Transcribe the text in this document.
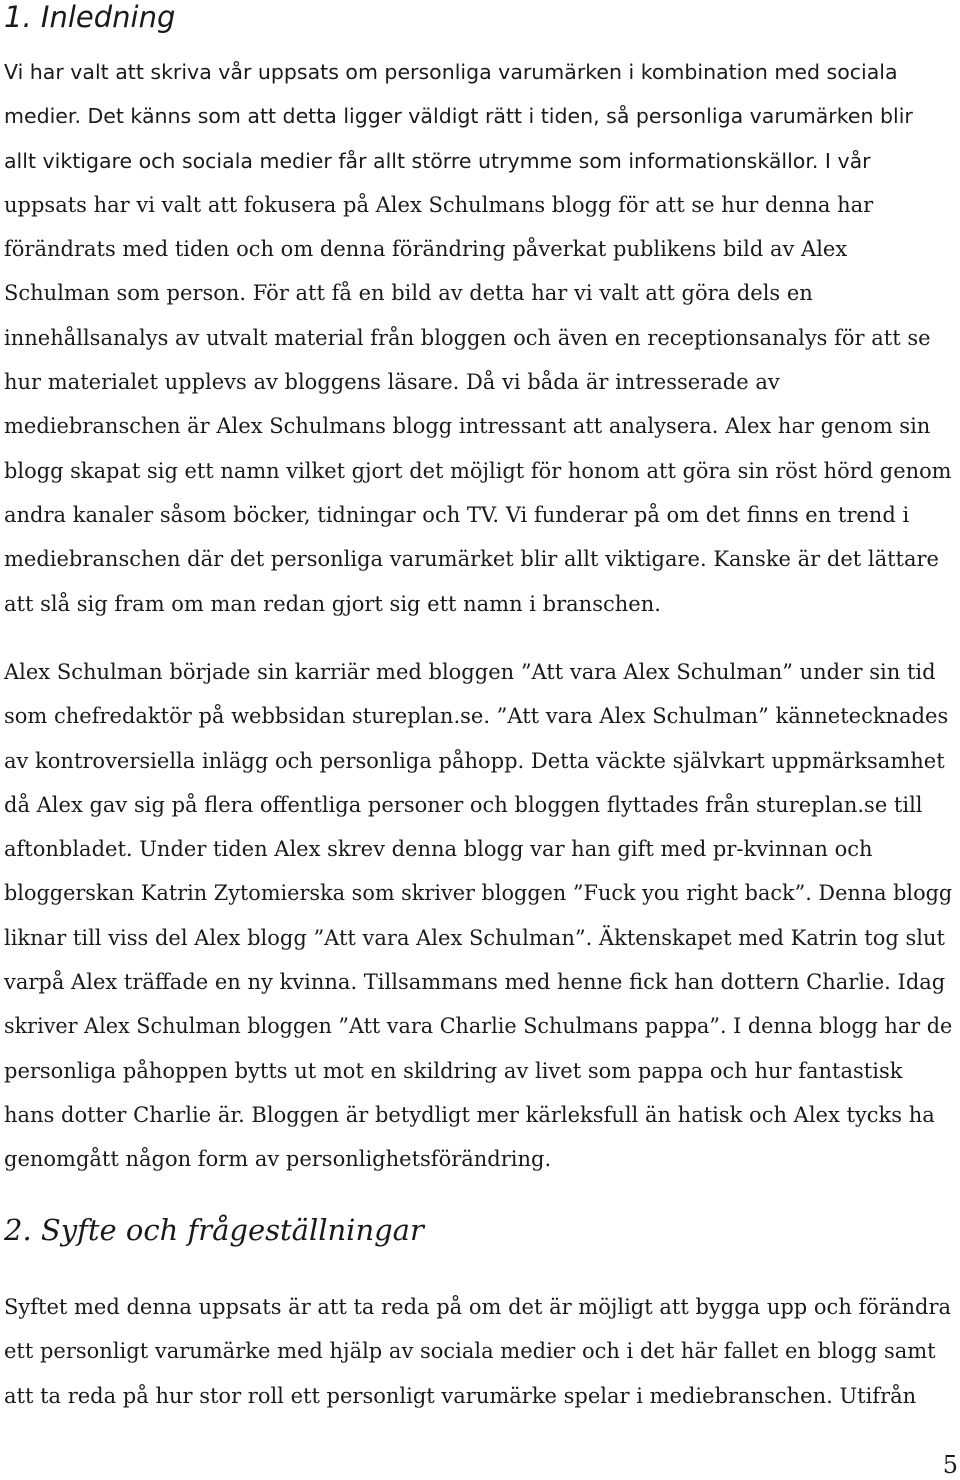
1. Inledning

Vi har valt att skriva vår uppsats om personliga varumärken i kombination med sociala
medier. Det känns som att detta ligger väldigt rätt i tiden, så personliga varumärken blir
allt viktigare och sociala medier får allt större utrymme som informationskällor. I vår
uppsats har vi valt att fokusera på Alex Schulmans blogg för att se hur denna har
förändrats med tiden och om denna förändring påverkat publikens bild av Alex
Schulman som person. För att få en bild av detta har vi valt att göra dels en
innehållsanalys av utvalt material från bloggen och även en receptionsanalys för att se
hur materialet upplevs av bloggens läsare. Då vi båda är intresserade av
mediebranschen är Alex Schulmans blogg intressant att analysera. Alex har genom sin
blogg skapat sig ett namn vilket gjort det möjligt för honom att göra sin röst hörd genom
andra kanaler såsom böcker, tidningar och TV. Vi funderar på om det finns en trend i
mediebranschen där det personliga varumärket blir allt viktigare. Kanske är det lättare
att slå sig fram om man redan gjort sig ett namn i branschen.

Alex Schulman började sin karriär med bloggen ”Att vara Alex Schulman” under sin tid
som chefredaktör på webbsidan stureplan.se. ”Att vara Alex Schulman” kännetecknades
av kontroversiella inlägg och personliga påhopp. Detta väckte självkart uppmärksamhet
då Alex gav sig på flera offentliga personer och bloggen flyttades från stureplan.se till
aftonbladet. Under tiden Alex skrev denna blogg var han gift med pr-kvinnan och
bloggerskan Katrin Zytomierska som skriver bloggen ”Fuck you right back”. Denna blogg
liknar till viss del Alex blogg ”Att vara Alex Schulman”. Äktenskapet med Katrin tog slut
varpå Alex träffade en ny kvinna. Tillsammans med henne fick han dottern Charlie. Idag
skriver Alex Schulman bloggen ”Att vara Charlie Schulmans pappa”. I denna blogg har de
personliga påhoppen bytts ut mot en skildring av livet som pappa och hur fantastisk
hans dotter Charlie är. Bloggen är betydligt mer kärleksfull än hatisk och Alex tycks ha
genomgått någon form av personlighetsförändring.

2. Syfte och frågeställningar

Syftet med denna uppsats är att ta reda på om det är möjligt att bygga upp och förändra
ett personligt varumärke med hjälp av sociala medier och i det här fallet en blogg samt
att ta reda på hur stor roll ett personligt varumärke spelar i mediebranschen. Utifrån

5
